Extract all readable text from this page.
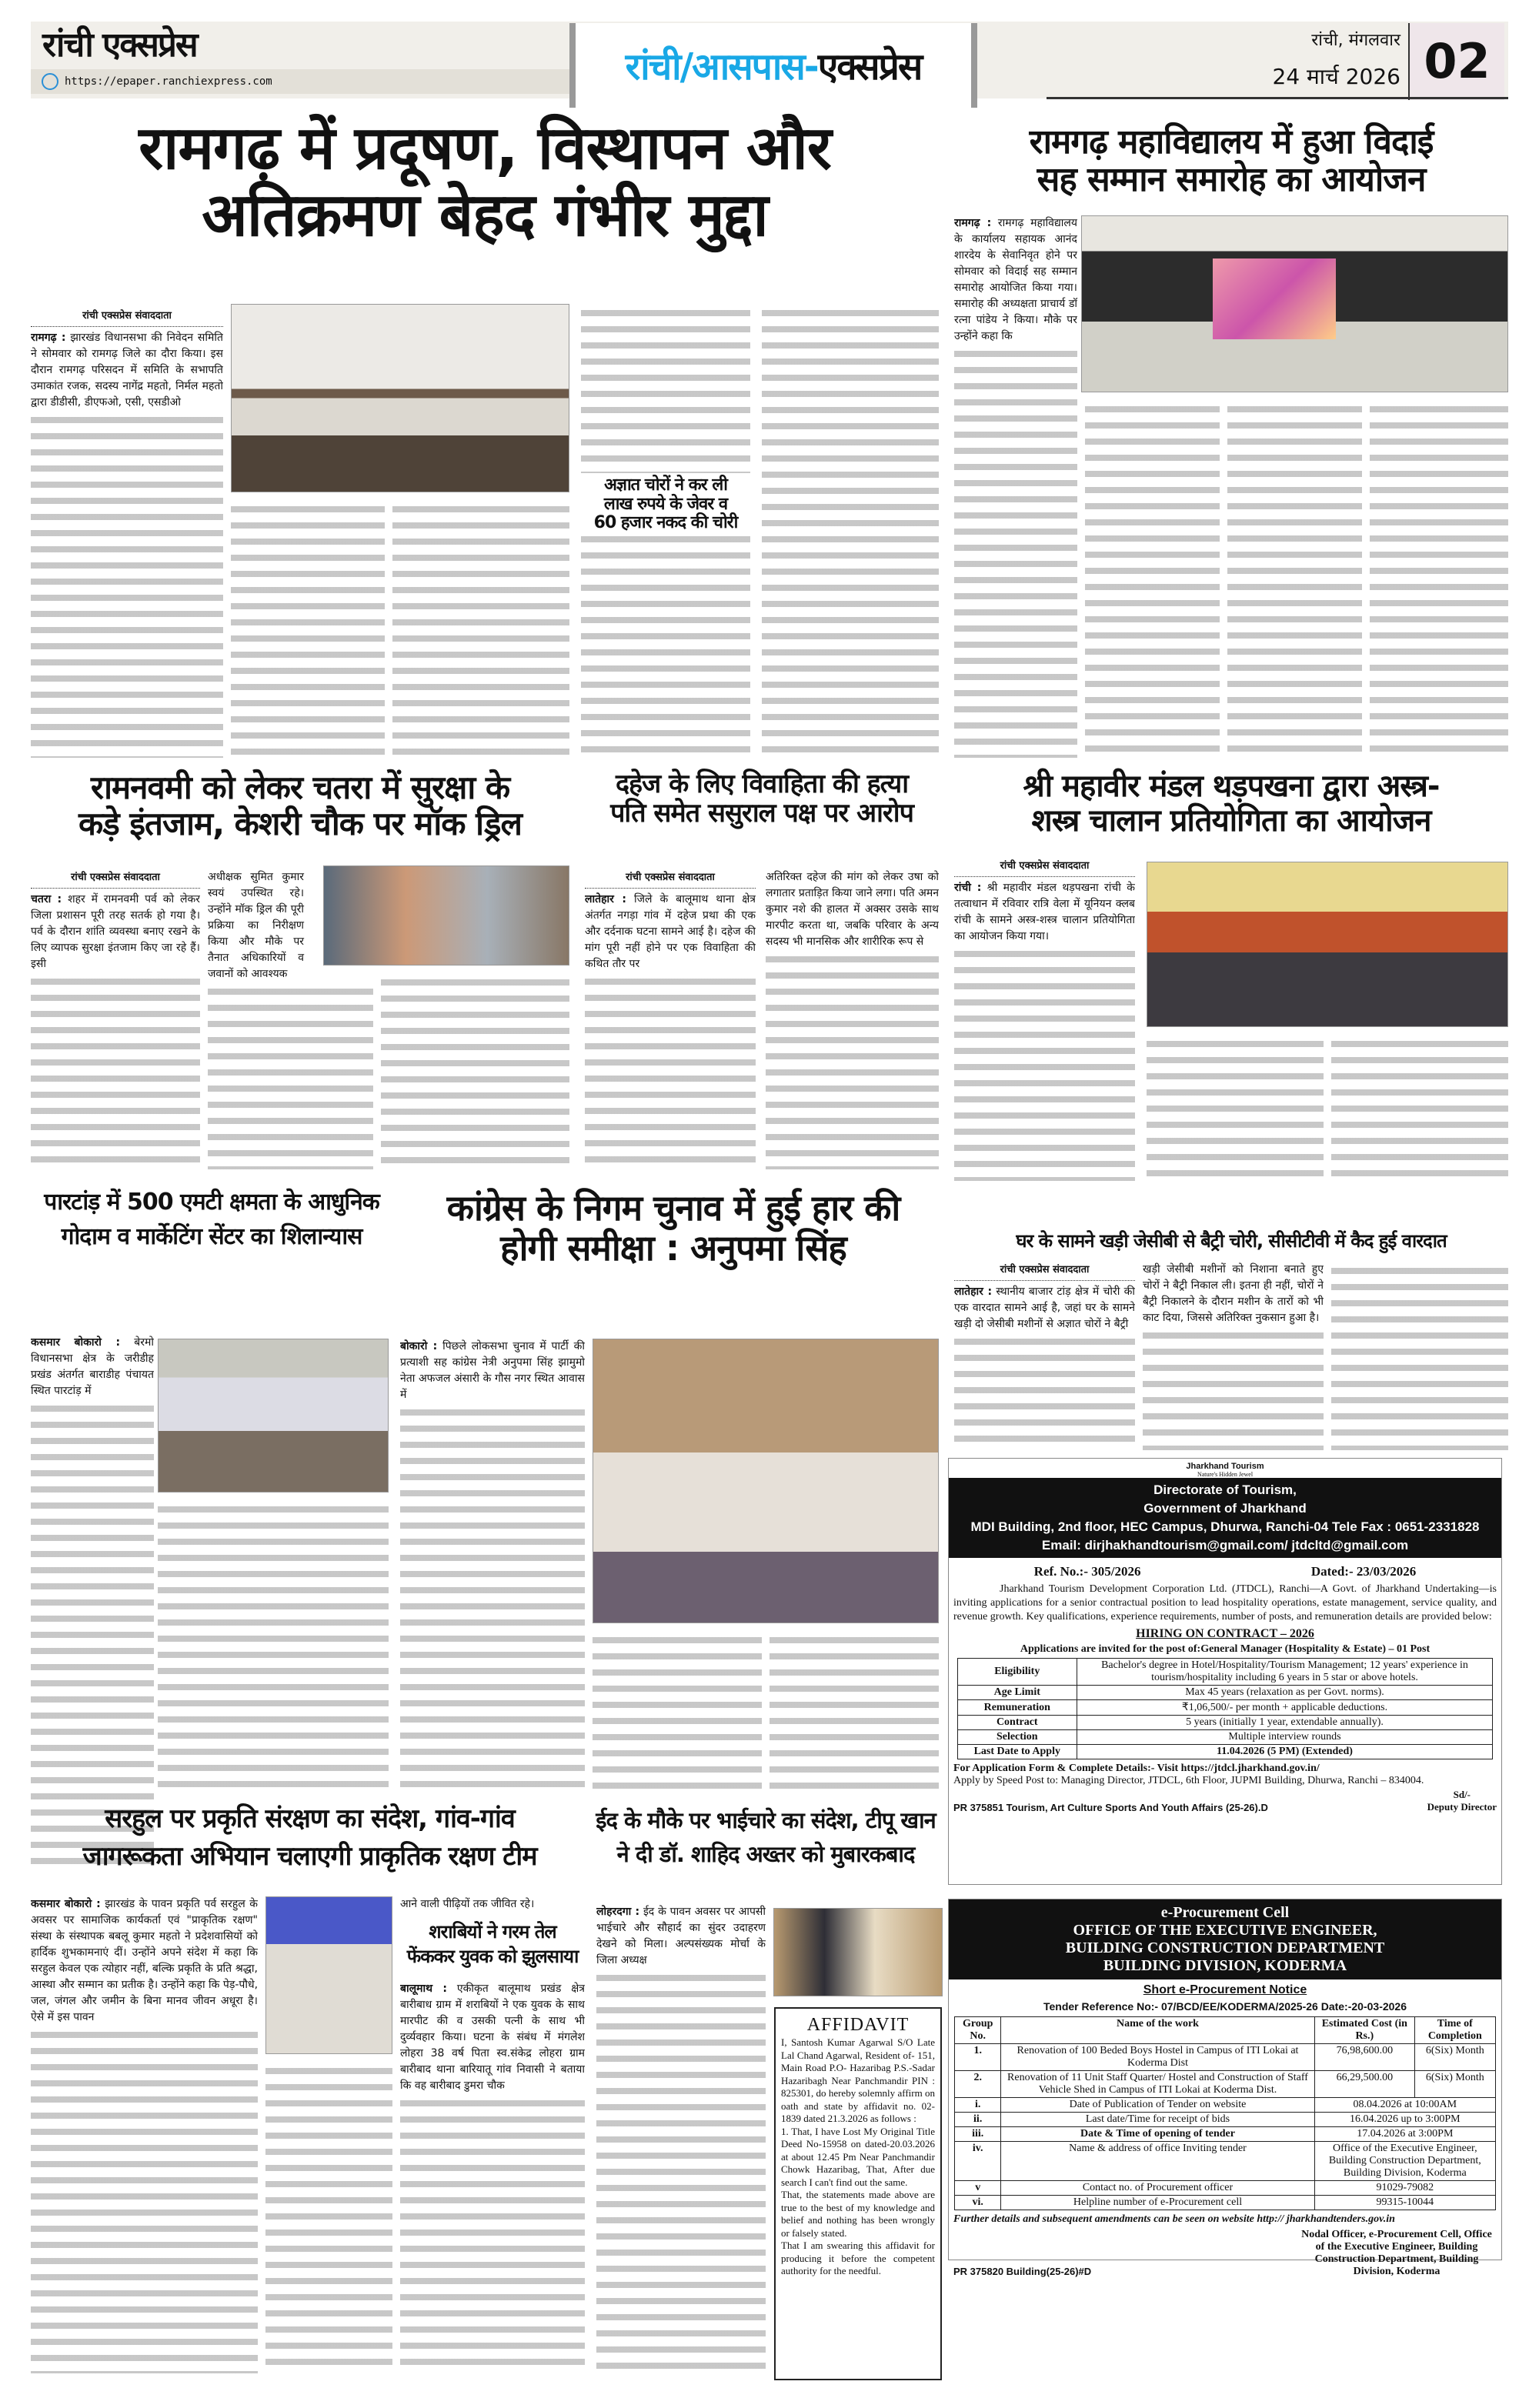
रांची एक्सप्रेस
https://epaper.ranchiexpress.com	रांची/आसपास- एक्सप्रेस
रांची, मंगलवार
24 मार्च 2026 02
रामगढ़ में प्रदूषण, विस्थापन और
अतिक्रमण बेहद गंभीर मुद्दा
रांची एक्सप्रेस संवाददाता

रामगढ़ : झारखंड विधानसभा की निवेदन समिति ने सोमवार को रामगढ़ जिले का दौरा किया। इस दौरान रामगढ़ परिसदन में समिति के सभापति उमाकांत रजक, सदस्य नागेंद्र महतो, निर्मल महतो द्वारा डीडीसी, डीएफओ, एसी, एसडीओ

अज्ञात चोरों ने कर ली
लाख रुपये के जेवर व
60 हजार नकद की चोरी
रामगढ़ महाविद्यालय में हुआ विदाई
सह सम्मान समारोह का आयोजन

रामगढ़ : रामगढ़ महाविद्यालय के कार्यालय सहायक आनंद शारदेय के सेवानिवृत होने पर सोमवार को विदाई सह सम्मान समारोह आयोजित किया गया। समारोह की अध्यक्षता प्राचार्य डॉ रत्ना पांडेय ने किया। मौके पर उन्होंने कहा कि

रामनवमी को लेकर चतरा में सुरक्षा के
कड़े इंतजाम, केशरी चौक पर मॉक ड्रिल
रांची एक्सप्रेस संवाददाता

चतरा : शहर में रामनवमी पर्व को लेकर जिला प्रशासन पूरी तरह सतर्क हो गया है। पर्व के दौरान शांति व्यवस्था बनाए रखने के लिए व्यापक सुरक्षा इंतजाम किए जा रहे हैं। इसी

अधीक्षक सुमित कुमार स्वयं उपस्थित रहे। उन्होंने मॉक ड्रिल की पूरी प्रक्रिया का निरीक्षण किया और मौके पर तैनात अधिकारियों व जवानों को आवश्यक

दहेज के लिए विवाहिता की हत्या
पति समेत ससुराल पक्ष पर आरोप
रांची एक्सप्रेस संवाददाता

लातेहार : जिले के बालूमाथ थाना क्षेत्र अंतर्गत नगड़ा गांव में दहेज प्रथा की एक और दर्दनाक घटना सामने आई है। दहेज की मांग पूरी नहीं होने पर एक विवाहिता की कथित तौर पर

अतिरिक्त दहेज की मांग को लेकर उषा को लगातार प्रताड़ित किया जाने लगा। पति अमन कुमार नशे की हालत में अक्सर उसके साथ मारपीट करता था, जबकि परिवार के अन्य सदस्य भी मानसिक और शारीरिक रूप से

श्री महावीर मंडल थड़पखना द्वारा अस्त्र-
शस्त्र चालान प्रतियोगिता का आयोजन
रांची एक्सप्रेस संवाददाता

रांची : श्री महावीर मंडल थड़पखना रांची के तत्वाधान में रविवार रात्रि वेला में यूनियन क्लब रांची के सामने अस्त्र-शस्त्र चालान प्रतियोगिता का आयोजन किया गया।

पारटांड़ में 500 एमटी क्षमता के आधुनिक
गोदाम व मार्केटिंग सेंटर का शिलान्यास

कसमार बोकारो : बेरमो विधानसभा क्षेत्र के जरीडीह प्रखंड अंतर्गत बाराडीह पंचायत स्थित पारटांड़ में

कांग्रेस के निगम चुनाव में हुई हार की
होगी समीक्षा : अनुपमा सिंह

बोकारो : पिछले लोकसभा चुनाव में पार्टी की प्रत्याशी सह कांग्रेस नेत्री अनुपमा सिंह झामुमो नेता अफजल अंसारी के गौस नगर स्थित आवास में

घर के सामने खड़ी जेसीबी से बैट्री चोरी, सीसीटीवी में कैद हुई वारदात
रांची एक्सप्रेस संवाददाता

लातेहार : स्थानीय बाजार टांड़ क्षेत्र में चोरी की एक वारदात सामने आई है, जहां घर के सामने खड़ी दो जेसीबी मशीनों से अज्ञात चोरों ने बैट्री

खड़ी जेसीबी मशीनों को निशाना बनाते हुए चोरों ने बैट्री निकाल ली। इतना ही नहीं, चोरों ने बैट्री निकालने के दौरान मशीन के तारों को भी काट दिया, जिससे अतिरिक्त नुकसान हुआ है।

Jharkhand Tourism
Nature's Hidden Jewel
Directorate of Tourism,
Government of Jharkhand
MDI Building, 2nd floor, HEC Campus, Dhurwa, Ranchi-04 Tele Fax : 0651-2331828
Email: dirjhakhandtourism@gmail.com/ jtdcltd@gmail.com
Ref. No.:- 305/2026	Dated:- 23/03/2026

Jharkhand Tourism Development Corporation Ltd. (JTDCL), Ranchi—A Govt. of Jharkhand Undertaking—is inviting applications for a senior contractual position to lead hospitality operations, estate management, service quality, and revenue growth. Key qualifications, experience requirements, number of posts, and remuneration details are provided below:

HIRING ON CONTRACT – 2026
Applications are invited for the post of:General Manager (Hospitality & Estate) – 01 Post
Eligibility	Bachelor's degree in Hotel/Hospitality/Tourism Management; 12 years' experience in tourism/hospitality including 6 years in 5 star or above hotels.
Age Limit	Max 45 years (relaxation as per Govt. norms).
Remuneration	₹1,06,500/- per month + applicable deductions.
Contract	5 years (initially 1 year, extendable annually).
Selection	Multiple interview rounds
Last Date to Apply	11.04.2026 (5 PM) (Extended)
For Application Form & Complete Details:- Visit https://jtdcl.jharkhand.gov.in/
Apply by Speed Post to: Managing Director, JTDCL, 6th Floor, JUPMI Building, Dhurwa, Ranchi – 834004.
PR 375851 Tourism, Art Culture Sports And Youth Affairs (25-26).D
Sd/-
Deputy Director
सरहुल पर प्रकृति संरक्षण का संदेश, गांव-गांव
जागरूकता अभियान चलाएगी प्राकृतिक रक्षण टीम

कसमार बोकारो : झारखंड के पावन प्रकृति पर्व सरहुल के अवसर पर सामाजिक कार्यकर्ता एवं "प्राकृतिक रक्षण" संस्था के संस्थापक बबलू कुमार महतो ने प्रदेशवासियों को हार्दिक शुभकामनाएं दीं। उन्होंने अपने संदेश में कहा कि सरहुल केवल एक त्योहार नहीं, बल्कि प्रकृति के प्रति श्रद्धा, आस्था और सम्मान का प्रतीक है। उन्होंने कहा कि पेड़-पौधे, जल, जंगल और जमीन के बिना मानव जीवन अधूरा है। ऐसे में इस पावन

आने वाली पीढ़ियों तक जीवित रहे।

शराबियों ने गरम तेल
फेंककर युवक को झुलसाया

बालूमाथ : एकीकृत बालूमाथ प्रखंड क्षेत्र बारीबाध ग्राम में शराबियों ने एक युवक के साथ मारपीट की व उसकी पत्नी के साथ भी दुर्व्यवहार किया। घटना के संबंध में मंगलेश लोहरा 38 वर्ष पिता स्व.संकेद्र लोहरा ग्राम बारीबाद थाना बारियातू गांव निवासी ने बताया कि वह बारीबाद डुमरा चौक

ईद के मौके पर भाईचारे का संदेश, टीपू खान
ने दी डॉ. शाहिद अख्तर को मुबारकबाद

लोहरदगा : ईद के पावन अवसर पर आपसी भाईचारे और सौहार्द का सुंदर उदाहरण देखने को मिला। अल्पसंख्यक मोर्चा के जिला अध्यक्ष

AFFIDAVIT

I, Santosh Kumar Agarwal S/O Late Lal Chand Agarwal, Resident of- 151, Main Road P.O- Hazaribag P.S.-Sadar Hazaribagh Near Panchmandir PIN : 825301, do hereby solemnly affirm on oath and state by affidavit no. 02-1839 dated 21.3.2026 as follows :

1. That, I have Lost My Original Title Deed No-15958 on dated-20.03.2026 at about 12.45 Pm Near Panchmandir Chowk Hazaribag, That, After due search I can't find out the same.

That, the statements made above are true to the best of my knowledge and belief and nothing has been wrongly or falsely stated.

That I am swearing this affidavit for producing it before the competent authority for the needful.

e-Procurement Cell
OFFICE OF THE EXECUTIVE ENGINEER,
BUILDING CONSTRUCTION DEPARTMENT
BUILDING DIVISION, KODERMA
Short e-Procurement Notice
Tender Reference No:- 07/BCD/EE/KODERMA/2025-26 Date:-20-03-2026
Group No.	Name of the work	Estimated Cost (in Rs.)	Time of Completion
1.	Renovation of 100 Beded Boys Hostel in Campus of ITI Lokai at Koderma Dist	76,98,600.00	6(Six) Month
2.	Renovation of 11 Unit Staff Quarter/ Hostel and Construction of Staff Vehicle Shed in Campus of ITI Lokai at Koderma Dist.	66,29,500.00	6(Six) Month
i.	Date of Publication of Tender on website	08.04.2026 at 10:00AM	
ii.	Last date/Time for receipt of bids	16.04.2026 up to 3:00PM	
iii.	Date & Time of opening of tender	17.04.2026 at 3:00PM	
iv.	Name & address of office Inviting tender	Office of the Executive Engineer, Building Construction Department, Building Division, Koderma	
v	Contact no. of Procurement officer	91029-79082	
vi.	Helpline number of e-Procurement cell	99315-10044	

Further details and subsequent amendments can be seen on website http:// jharkhandtenders.gov.in

PR 375820 Building(25-26)#D
Nodal Officer, e-Procurement Cell, Office of the Executive Engineer, Building Construction Department, Building Division, Koderma
